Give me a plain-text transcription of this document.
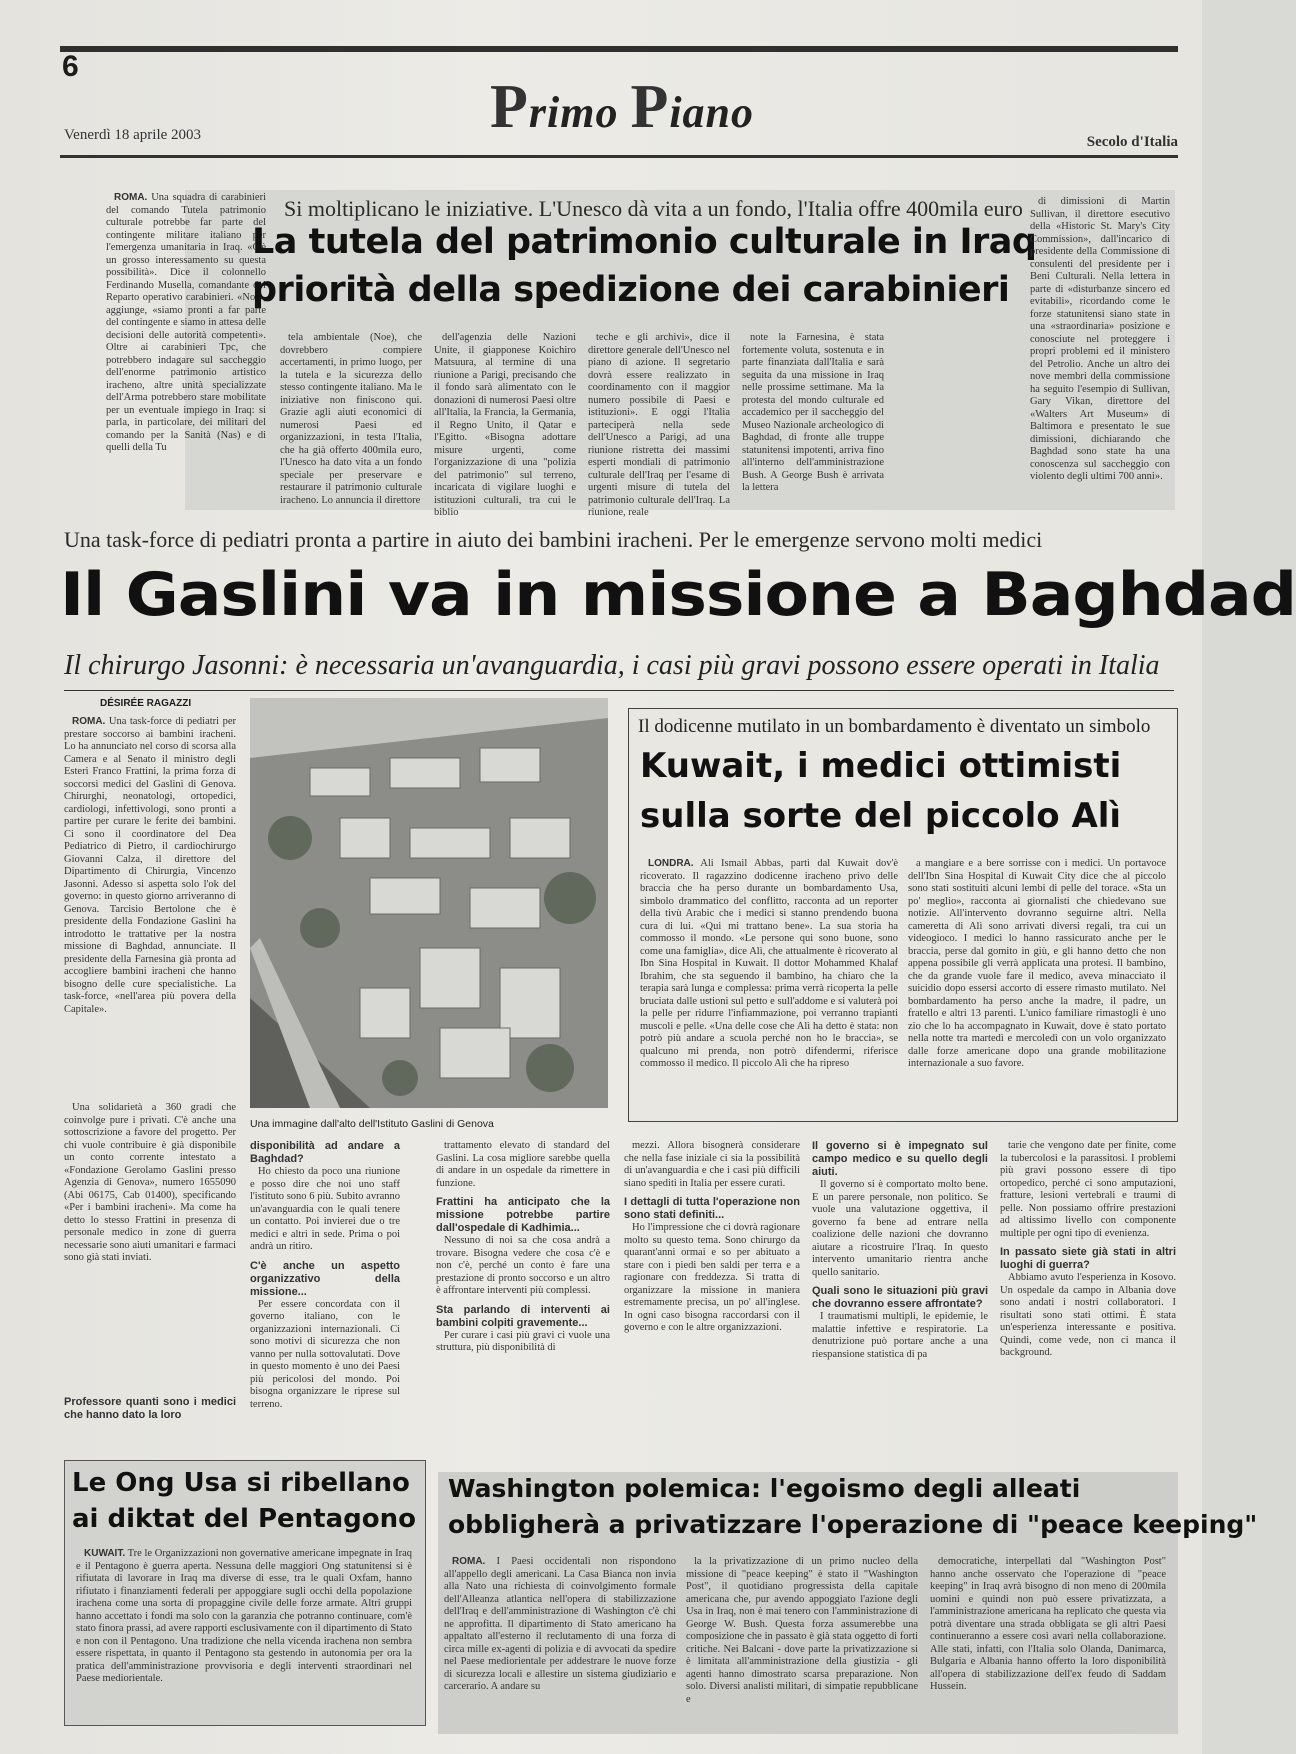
6
Primo Piano
Venerdì 18 aprile 2003	Secolo d'Italia

ROMA. Una squadra di carabinieri del comando Tutela patrimonio culturale potrebbe far parte del contingente militare italiano per l'emergenza umanitaria in Iraq. «C'è un grosso interessamento su questa possibilità». Dice il colonnello Ferdinando Musella, comandante del Reparto operativo carabinieri. «Noi», aggiunge, «siamo pronti a far parte del contingente e siamo in attesa delle decisioni delle autorità competenti». Oltre ai carabinieri Tpc, che potrebbero indagare sul saccheggio dell'enorme patrimonio artistico iracheno, altre unità specializzate dell'Arma potrebbero stare mobilitate per un eventuale impiego in Iraq: si parla, in particolare, dei militari del comando per la Sanità (Nas) e di quelli della Tu

Si moltiplicano le iniziative. L'Unesco dà vita a un fondo, l'Italia offre 400mila euro
La tutela del patrimonio culturale in Iraq
priorità della spedizione dei carabinieri

tela ambientale (Noe), che dovrebbero compiere accertamenti, in primo luogo, per la tutela e la sicurezza dello stesso contingente italiano. Ma le iniziative non finiscono qui. Grazie agli aiuti economici di numerosi Paesi ed organizzazioni, in testa l'Italia, che ha già offerto 400mila euro, l'Unesco ha dato vita a un fondo speciale per preservare e restaurare il patrimonio culturale iracheno. Lo annuncia il direttore

dell'agenzia delle Nazioni Unite, il giapponese Koichiro Matsuura, al termine di una riunione a Parigi, precisando che il fondo sarà alimentato con le donazioni di numerosi Paesi oltre all'Italia, la Francia, la Germania, il Regno Unito, il Qatar e l'Egitto. «Bisogna adottare misure urgenti, come l'organizzazione di una "polizia del patrimonio" sul terreno, incaricata di vigilare luoghi e istituzioni culturali, tra cui le biblio

teche e gli archivi», dice il direttore generale dell'Unesco nel piano di azione. Il segretario dovrà essere realizzato in coordinamento con il maggior numero possibile di Paesi e istituzioni». E oggi l'Italia parteciperà nella sede dell'Unesco a Parigi, ad una riunione ristretta dei massimi esperti mondiali di patrimonio culturale dell'Iraq per l'esame di urgenti misure di tutela del patrimonio culturale dell'Iraq. La riunione, reale

note la Farnesina, è stata fortemente voluta, sostenuta e in parte finanziata dall'Italia e sarà seguita da una missione in Iraq nelle prossime settimane. Ma la protesta del mondo culturale ed accademico per il saccheggio del Museo Nazionale archeologico di Baghdad, di fronte alle truppe statunitensi impotenti, arriva fino all'interno dell'amministrazione Bush. A George Bush è arrivata la lettera

di dimissioni di Martin Sullivan, il direttore esecutivo della «Historic St. Mary's City Commission», dall'incarico di presidente della Commissione di consulenti del presidente per i Beni Culturali. Nella lettera in parte di «disturbanze sincero ed evitabili», ricordando come le forze statunitensi siano state in una «straordinaria» posizione e conosciute nel proteggere i propri problemi ed il ministero del Petrolio. Anche un altro dei nove membri della commissione ha seguito l'esempio di Sullivan, Gary Vikan, direttore del «Walters Art Museum» di Baltimora e presentato le sue dimissioni, dichiarando che Baghdad sono state ha una conoscenza sul saccheggio con violento degli ultimi 700 anni».

Una task-force di pediatri pronta a partire in aiuto dei bambini iracheni. Per le emergenze servono molti medici
Il Gaslini va in missione a Baghdad
Il chirurgo Jasonni: è necessaria un'avanguardia, i casi più gravi possono essere operati in Italia
DÉSIRÉE RAGAZZI

ROMA. Una task-force di pediatri per prestare soccorso ai bambini iracheni. Lo ha annunciato nel corso di scorsa alla Camera e al Senato il ministro degli Esteri Franco Frattini, la prima forza di soccorsi medici del Gaslini di Genova. Chirurghi, neonatologi, ortopedici, cardiologi, infettivologi, sono pronti a partire per curare le ferite dei bambini. Ci sono il coordinatore del Dea Pediatrico di Pietro, il cardiochirurgo Giovanni Calza, il direttore del Dipartimento di Chirurgia, Vincenzo Jasonni. Adesso si aspetta solo l'ok del governo: in questo giorno arriveranno di Genova. Tarcisio Bertolone che è presidente della Fondazione Gaslini ha introdotto le trattative per la nostra missione di Baghdad, annunciate. Il presidente della Farnesina già pronta ad accogliere bambini iracheni che hanno bisogno delle cure specialistiche. La task-force, «nell'area più povera della Capitale».

Una solidarietà a 360 gradi che coinvolge pure i privati. C'è anche una sottoscrizione a favore del progetto. Per chi vuole contribuire è già disponibile un conto corrente intestato a «Fondazione Gerolamo Gaslini presso Agenzia di Genova», numero 1655090 (Abi 06175, Cab 01400), specificando «Per i bambini iracheni». Ma come ha detto lo stesso Frattini in presenza di personale medico in zone di guerra necessarie sono aiuti umanitari e farmaci sono già stati inviati.

Una immagine dall'alto dell'Istituto Gaslini di Genova
Il dodicenne mutilato in un bombardamento è diventato un simbolo
Kuwait, i medici ottimisti
sulla sorte del piccolo Alì

LONDRA. Ali Ismail Abbas, partì dal Kuwait dov'è ricoverato. Il ragazzino dodicenne iracheno privo delle braccia che ha perso durante un bombardamento Usa, simbolo drammatico del conflitto, racconta ad un reporter della tivù Arabic che i medici si stanno prendendo buona cura di lui. «Qui mi trattano bene». La sua storia ha commosso il mondo. «Le persone qui sono buone, sono come una famiglia», dice Alì, che attualmente è ricoverato al Ibn Sina Hospital in Kuwait. Il dottor Mohammed Khalaf Ibrahim, che sta seguendo il bambino, ha chiaro che la terapia sarà lunga e complessa: prima verrà ricoperta la pelle bruciata dalle ustioni sul petto e sull'addome e si valuterà poi la pelle per ridurre l'infiammazione, poi verranno trapianti muscoli e pelle. «Una delle cose che Alì ha detto è stata: non potrò più andare a scuola perché non ho le braccia», se qualcuno mi prenda, non potrò difendermi, riferisce commosso il medico. Il piccolo Alì che ha ripreso

a mangiare e a bere sorrisse con i medici. Un portavoce dell'Ibn Sina Hospital di Kuwait City dice che al piccolo sono stati sostituiti alcuni lembi di pelle del torace. «Sta un po' meglio», racconta ai giornalisti che chiedevano sue notizie. All'intervento dovranno seguirne altri. Nella cameretta di Alì sono arrivati diversi regali, tra cui un videogioco. I medici lo hanno rassicurato anche per le braccia, perse dal gomito in giù, e gli hanno detto che non appena possibile gli verrà applicata una protesi. Il bambino, che da grande vuole fare il medico, aveva minacciato il suicidio dopo essersi accorto di essere rimasto mutilato. Nel bombardamento ha perso anche la madre, il padre, un fratello e altri 13 parenti. L'unico familiare rimastogli è uno zio che lo ha accompagnato in Kuwait, dove è stato portato nella notte tra martedì e mercoledì con un volo organizzato dalle forze americane dopo una grande mobilitazione internazionale a suo favore.

Professore quanti sono i medici che hanno dato la loro
disponibilità ad andare a Baghdad?

Ho chiesto da poco una riunione e posso dire che noi uno staff l'istituto sono 6 più. Subito avranno un'avanguardia con le quali tenere un contatto. Poi invierei due o tre medici e altri in sede. Prima o poi andrà un ritiro.

C'è anche un aspetto organizzativo della missione...

Per essere concordata con il governo italiano, con le organizzazioni internazionali. Ci sono motivi di sicurezza che non vanno per nulla sottovalutati. Dove in questo momento è uno dei Paesi più pericolosi del mondo. Poi bisogna organizzare le riprese sul terreno.

trattamento elevato di standard del Gaslini. La cosa migliore sarebbe quella di andare in un ospedale da rimettere in funzione.

Frattini ha anticipato che la missione potrebbe partire dall'ospedale di Kadhimia...

Nessuno di noi sa che cosa andrà a trovare. Bisogna vedere che cosa c'è e non c'è, perché un conto è fare una prestazione di pronto soccorso e un altro è affrontare interventi più complessi.

Sta parlando di interventi ai bambini colpiti gravemente...

Per curare i casi più gravi ci vuole una struttura, più disponibilità di

mezzi. Allora bisognerà considerare che nella fase iniziale ci sia la possibilità di un'avanguardia e che i casi più difficili siano spediti in Italia per essere curati.

I dettagli di tutta l'operazione non sono stati definiti...

Ho l'impressione che ci dovrà ragionare molto su questo tema. Sono chirurgo da quarant'anni ormai e so per abituato a stare con i piedi ben saldi per terra e a ragionare con freddezza. Si tratta di organizzare la missione in maniera estremamente precisa, un po' all'inglese. In ogni caso bisogna raccordarsi con il governo e con le altre organizzazioni.

Il governo si è impegnato sul campo medico e su quello degli aiuti.

Il governo si è comportato molto bene. E un parere personale, non politico. Se vuole una valutazione oggettiva, il governo fa bene ad entrare nella coalizione delle nazioni che dovranno aiutare a ricostruire l'Iraq. In questo intervento umanitario rientra anche quello sanitario.

Quali sono le situazioni più gravi che dovranno essere affrontate?

I traumatismi multipli, le epidemie, le malattie infettive e respiratorie. La denutrizione può portare anche a una riespansione statistica di pa

tarie che vengono date per finite, come la tubercolosi e la parassitosi. I problemi più gravi possono essere di tipo ortopedico, perché ci sono amputazioni, fratture, lesioni vertebrali e traumi di pelle. Non possiamo offrire prestazioni ad altissimo livello con componente multiple per ogni tipo di evenienza.

In passato siete già stati in altri luoghi di guerra?

Abbiamo avuto l'esperienza in Kosovo. Un ospedale da campo in Albania dove sono andati i nostri collaboratori. I risultati sono stati ottimi. È stata un'esperienza interessante e positiva. Quindi, come vede, non ci manca il background.

Le Ong Usa si ribellano
ai diktat del Pentagono

KUWAIT. Tre le Organizzazioni non governative americane impegnate in Iraq e il Pentagono è guerra aperta. Nessuna delle maggiori Ong statunitensi si è rifiutata di lavorare in Iraq ma diverse di esse, tra le quali Oxfam, hanno rifiutato i finanziamenti federali per appoggiare sugli occhi della popolazione irachena come una sorta di propaggine civile delle forze armate. Altri gruppi hanno accettato i fondi ma solo con la garanzia che potranno continuare, com'è stato finora prassi, ad avere rapporti esclusivamente con il dipartimento di Stato e non con il Pentagono. Una tradizione che nella vicenda irachena non sembra essere rispettata, in quanto il Pentagono sta gestendo in autonomia per ora la pratica dell'amministrazione provvisoria e degli interventi straordinari nel Paese mediorientale.

Washington polemica: l'egoismo degli alleati
obbligherà a privatizzare l'operazione di "peace keeping"

ROMA. I Paesi occidentali non rispondono all'appello degli americani. La Casa Bianca non invia alla Nato una richiesta di coinvolgimento formale dell'Alleanza atlantica nell'opera di stabilizzazione dell'Iraq e dell'amministrazione di Washington c'è chi ne approfitta. Il dipartimento di Stato americano ha appaltato all'esterno il reclutamento di una forza di circa mille ex-agenti di polizia e di avvocati da spedire nel Paese mediorientale per addestrare le nuove forze di sicurezza locali e allestire un sistema giudiziario e carcerario. A andare su

la la privatizzazione di un primo nucleo della missione di "peace keeping" è stato il "Washington Post", il quotidiano progressista della capitale americana che, pur avendo appoggiato l'azione degli Usa in Iraq, non è mai tenero con l'amministrazione di George W. Bush. Questa forza assumerebbe una composizione che in passato è già stata oggetto di forti critiche. Nei Balcani - dove parte la privatizzazione si è limitata all'amministrazione della giustizia - gli agenti hanno dimostrato scarsa preparazione. Non solo. Diversi analisti militari, di simpatie repubblicane e

democratiche, interpellati dal "Washington Post" hanno anche osservato che l'operazione di "peace keeping" in Iraq avrà bisogno di non meno di 200mila uomini e quindi non può essere privatizzata, a l'amministrazione americana ha replicato che questa via potrà diventare una strada obbligata se gli altri Paesi continueranno a essere così avari nella collaborazione. Alle stati, infatti, con l'Italia solo Olanda, Danimarca, Bulgaria e Albania hanno offerto la loro disponibilità all'opera di stabilizzazione dell'ex feudo di Saddam Hussein.
